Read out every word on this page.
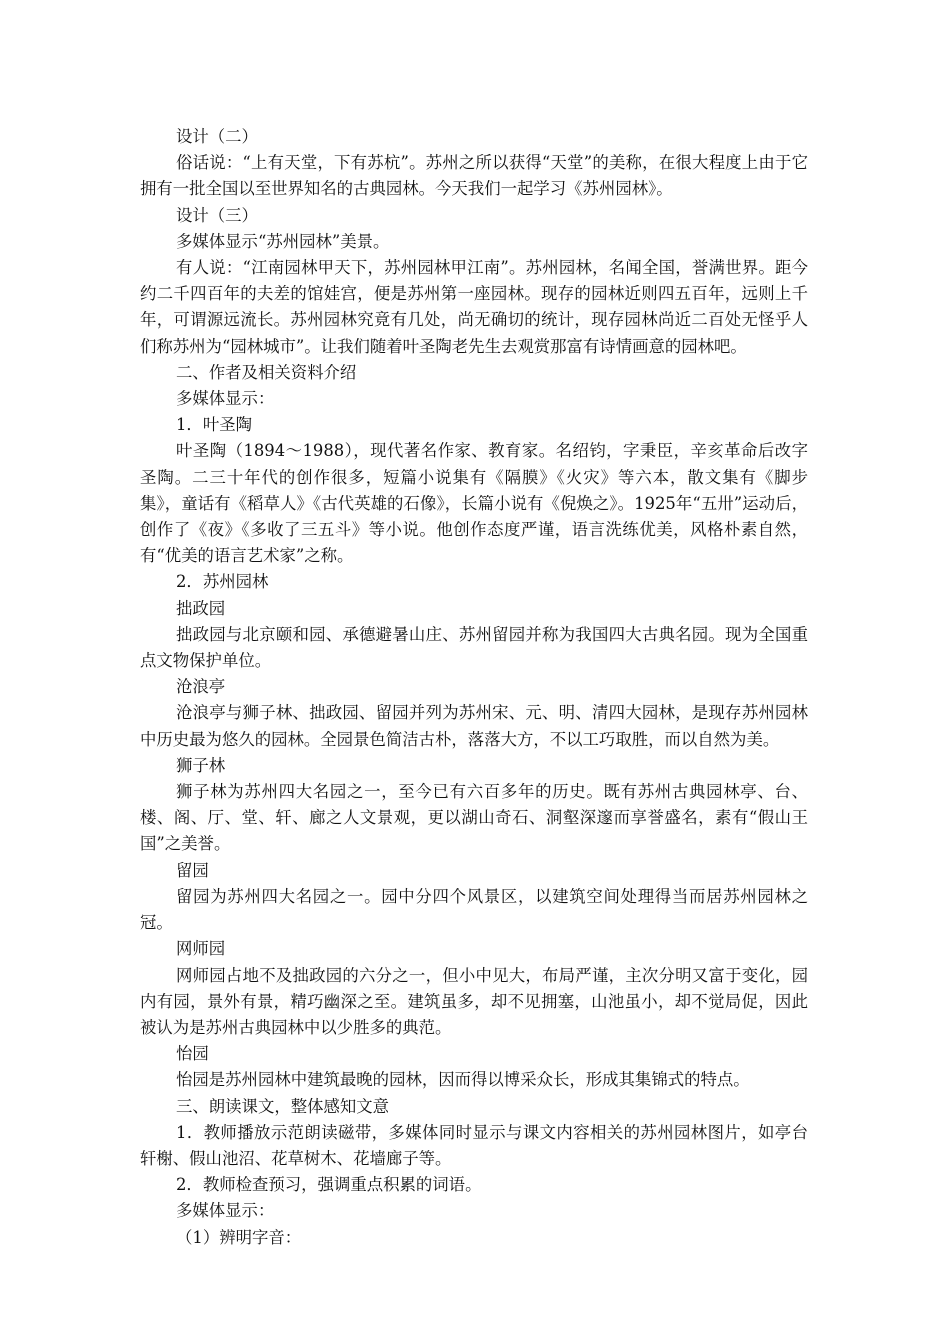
设计（二）

俗话说：“上有天堂，下有苏杭”。苏州之所以获得“天堂”的美称，在很大程度上由于它拥有一批全国以至世界知名的古典园林。今天我们一起学习《苏州园林》。

设计（三）

多媒体显示“苏州园林”美景。

有人说：“江南园林甲天下，苏州园林甲江南”。苏州园林，名闻全国，誉满世界。距今约二千四百年的夫差的馆娃宫，便是苏州第一座园林。现存的园林近则四五百年，远则上千年，可谓源远流长。苏州园林究竟有几处，尚无确切的统计，现存园林尚近二百处无怪乎人们称苏州为“园林城市”。让我们随着叶圣陶老先生去观赏那富有诗情画意的园林吧。

二、作者及相关资料介绍

多媒体显示：

1．叶圣陶

叶圣陶（1894～1988），现代著名作家、教育家。名绍钧，字秉臣，辛亥革命后改字圣陶。二三十年代的创作很多，短篇小说集有《隔膜》《火灾》等六本，散文集有《脚步集》，童话有《稻草人》《古代英雄的石像》，长篇小说有《倪焕之》。1925年“五卅”运动后，创作了《夜》《多收了三五斗》等小说。他创作态度严谨，语言洗练优美，风格朴素自然，有“优美的语言艺术家”之称。

2．苏州园林

拙政园

拙政园与北京颐和园、承德避暑山庄、苏州留园并称为我国四大古典名园。现为全国重点文物保护单位。

沧浪亭

沧浪亭与狮子林、拙政园、留园并列为苏州宋、元、明、清四大园林，是现存苏州园林中历史最为悠久的园林。全园景色简洁古朴，落落大方，不以工巧取胜，而以自然为美。

狮子林

狮子林为苏州四大名园之一，至今已有六百多年的历史。既有苏州古典园林亭、台、楼、阁、厅、堂、轩、廊之人文景观，更以湖山奇石、洞壑深邃而享誉盛名，素有“假山王国”之美誉。

留园

留园为苏州四大名园之一。园中分四个风景区，以建筑空间处理得当而居苏州园林之冠。

网师园

网师园占地不及拙政园的六分之一，但小中见大，布局严谨，主次分明又富于变化，园内有园，景外有景，精巧幽深之至。建筑虽多，却不见拥塞，山池虽小，却不觉局促，因此被认为是苏州古典园林中以少胜多的典范。

怡园

怡园是苏州园林中建筑最晚的园林，因而得以博采众长，形成其集锦式的特点。

三、朗读课文，整体感知文意

1．教师播放示范朗读磁带，多媒体同时显示与课文内容相关的苏州园林图片，如亭台轩榭、假山池沼、花草树木、花墙廊子等。

2．教师检查预习，强调重点积累的词语。

多媒体显示：

（1）辨明字音：
